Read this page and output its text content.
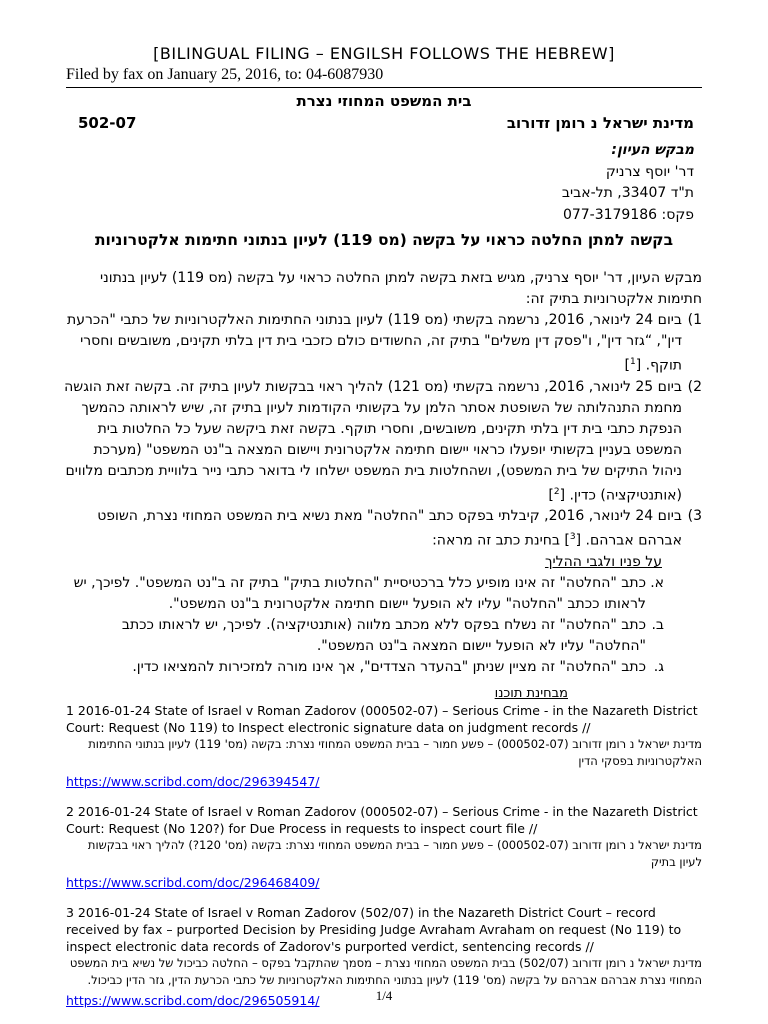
[BILINGUAL FILING – ENGILSH FOLLOWS THE HEBREW]
Filed by fax on January 25, 2016, to: 04-6087930
בית המשפט המחוזי נצרת
502-07	מדינת ישראל נ רומן זדורוב
מבקש העיון:
דר' יוסף צרניק
ת"ד 33407, תל-אביב
פקס: 077-3179186
בקשה למתן החלטה כראוי על בקשה (מס 119) לעיון בנתוני חתימות אלקטרוניות

מבקש העיון, דר' יוסף צרניק, מגיש בזאת בקשה למתן החלטה כראוי על בקשה (מס 119) לעיון בנתוני חתימות אלקטרוניות בתיק זה:

1)
ביום 24 לינואר, 2016, נרשמה בקשתי (מס 119) לעיון בנתוני החתימות האלקטרוניות של כתבי "הכרעת דין", “גזר דין", ו"פסק דין משלים" בתיק זה, החשודים כולם כזכבי בית דין בלתי תקינים, משובשים וחסרי תוקף. [$^1$]
2)
ביום 25 לינואר, 2016, נרשמה בקשתי (מס 121) להליך ראוי בבקשות לעיון בתיק זה. בקשה זאת הוגשה מחמת התנהלותה של השופטת אסתר הלמן על בקשותי הקודמות לעיון בתיק זה, שיש לראותה כהמשך הנפקת כתבי בית דין בלתי תקינים, משובשים, וחסרי תוקף. בקשה זאת ביקשה שעל כל החלטות בית המשפט בעניין בקשותי יופעלו כראוי יישום חתימה אלקטרונית ויישום המצאה ב"נט המשפט" (מערכת ניהול התיקים של בית המשפט), ושהחלטות בית המשפט ישלחו לי בדואר כתבי נייר בלוויית מכתבים מלווים (אותנטיקציה) כדין. [$^2$]
3)
ביום 24 לינואר, 2016, קיבלתי בפקס כתב "החלטה" מאת נשיא בית המשפט המחוזי נצרת, השופט אברהם אברהם. [$^3$] בחינת כתב זה מראה:
על פניו ולגבי ההליך
א.
כתב "החלטה" זה אינו מופיע כלל ברכטיסיית "החלטות בתיק" בתיק זה ב"נט המשפט". לפיכך, יש לראותו ככתב "החלטה" עליו לא הופעל יישום חתימה אלקטרונית ב"נט המשפט".
ב.
כתב "החלטה" זה נשלח בפקס ללא מכתב מלווה (אותנטיקציה). לפיכך, יש לראותו ככתב "החלטה" עליו לא הופעל יישום המצאה ב"נט המשפט".
ג.
כתב "החלטה" זה מציין שניתן "בהעדר הצדדים", אך אינו מורה למזכירות להמציאו כדין.
מבחינת תוכנו
1 2016-01-24 State of Israel v Roman Zadorov (000502-07) – Serious Crime - in the Nazareth District Court: Request (No 119) to Inspect electronic signature data on judgment records //
מדינת ישראל נ רומן זדורוב (000502-07) – פשע חמור – בבית המשפט המחוזי נצרת: בקשה (מס' 119) לעיון בנתוני החתימות האלקטרוניות בפסקי הדין
https://www.scribd.com/doc/296394547/
2 2016-01-24 State of Israel v Roman Zadorov (000502-07) – Serious Crime - in the Nazareth District Court: Request (No 120?) for Due Process in requests to inspect court file //
מדינת ישראל נ רומן זדורוב (000502-07) – פשע חמור – בבית המשפט המחוזי נצרת: בקשה (מס' 120?) להליך ראוי בבקשות לעיון בתיק
https://www.scribd.com/doc/296468409/
3 2016-01-24 State of Israel v Roman Zadorov (502/07) in the Nazareth District Court – record received by fax – purported Decision by Presiding Judge Avraham Avraham on request (No 119) to inspect electronic data records of Zadorov's purported verdict, sentencing records //
מדינת ישראל נ רומן זדורוב (502/07) בבית המשפט המחוזי נצרת – מסמך שהתקבל בפקס – החלטה כביכול של נשיא בית המשפט המחוזי נצרת אברהם אברהם על בקשה (מס' 119) לעיון בנתוני החתימות האלקטרוניות של כתבי הכרעת הדין, גזר הדין כביכול.
https://www.scribd.com/doc/296505914/	1/4
